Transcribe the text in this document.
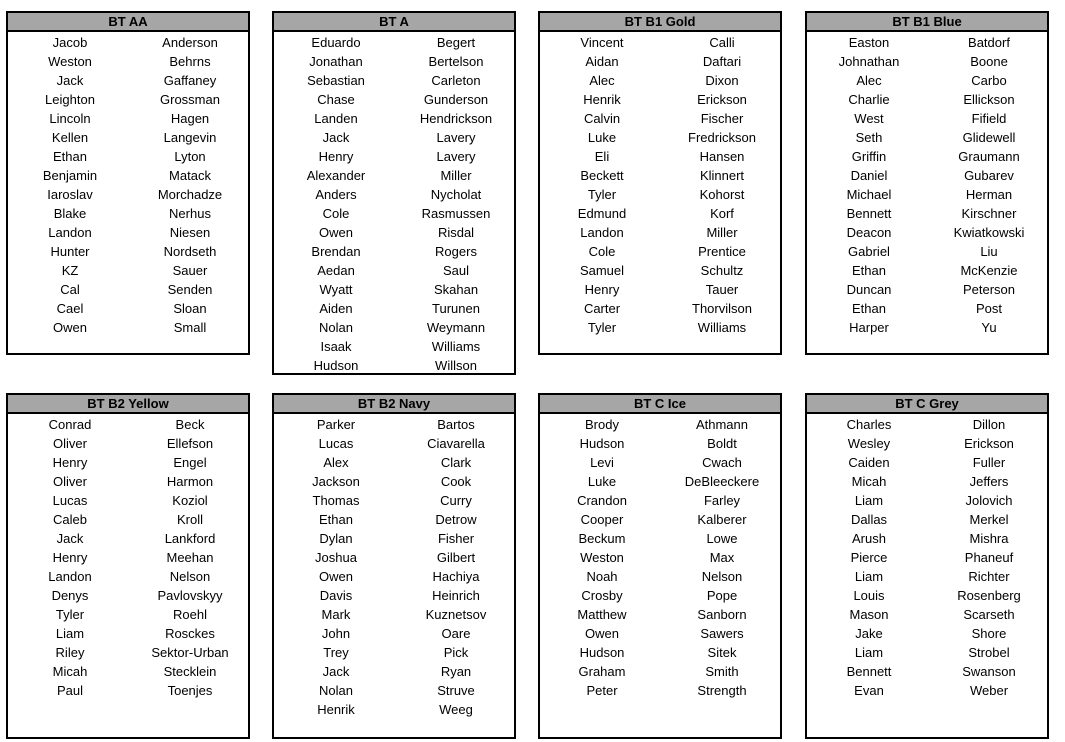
BT AA
Jacob	Anderson
Weston	Behrns
Jack	Gaffaney
Leighton	Grossman
Lincoln	Hagen
Kellen	Langevin
Ethan	Lyton
Benjamin	Matack
Iaroslav	Morchadze
Blake	Nerhus
Landon	Niesen
Hunter	Nordseth
KZ	Sauer
Cal	Senden
Cael	Sloan
Owen	Small
BT A
Eduardo	Begert
Jonathan	Bertelson
Sebastian	Carleton
Chase	Gunderson
Landen	Hendrickson
Jack	Lavery
Henry	Lavery
Alexander	Miller
Anders	Nycholat
Cole	Rasmussen
Owen	Risdal
Brendan	Rogers
Aedan	Saul
Wyatt	Skahan
Aiden	Turunen
Nolan	Weymann
Isaak	Williams
Hudson	Willson
BT B1 Gold
Vincent	Calli
Aidan	Daftari
Alec	Dixon
Henrik	Erickson
Calvin	Fischer
Luke	Fredrickson
Eli	Hansen
Beckett	Klinnert
Tyler	Kohorst
Edmund	Korf
Landon	Miller
Cole	Prentice
Samuel	Schultz
Henry	Tauer
Carter	Thorvilson
Tyler	Williams
BT B1 Blue
Easton	Batdorf
Johnathan	Boone
Alec	Carbo
Charlie	Ellickson
West	Fifield
Seth	Glidewell
Griffin	Graumann
Daniel	Gubarev
Michael	Herman
Bennett	Kirschner
Deacon	Kwiatkowski
Gabriel	Liu
Ethan	McKenzie
Duncan	Peterson
Ethan	Post
Harper	Yu
BT B2 Yellow
Conrad	Beck
Oliver	Ellefson
Henry	Engel
Oliver	Harmon
Lucas	Koziol
Caleb	Kroll
Jack	Lankford
Henry	Meehan
Landon	Nelson
Denys	Pavlovskyy
Tyler	Roehl
Liam	Rosckes
Riley	Sektor-Urban
Micah	Stecklein
Paul	Toenjes
BT B2 Navy
Parker	Bartos
Lucas	Ciavarella
Alex	Clark
Jackson	Cook
Thomas	Curry
Ethan	Detrow
Dylan	Fisher
Joshua	Gilbert
Owen	Hachiya
Davis	Heinrich
Mark	Kuznetsov
John	Oare
Trey	Pick
Jack	Ryan
Nolan	Struve
Henrik	Weeg
BT C Ice
Brody	Athmann
Hudson	Boldt
Levi	Cwach
Luke	DeBleeckere
Crandon	Farley
Cooper	Kalberer
Beckum	Lowe
Weston	Max
Noah	Nelson
Crosby	Pope
Matthew	Sanborn
Owen	Sawers
Hudson	Sitek
Graham	Smith
Peter	Strength
BT C Grey
Charles	Dillon
Wesley	Erickson
Caiden	Fuller
Micah	Jeffers
Liam	Jolovich
Dallas	Merkel
Arush	Mishra
Pierce	Phaneuf
Liam	Richter
Louis	Rosenberg
Mason	Scarseth
Jake	Shore
Liam	Strobel
Bennett	Swanson
Evan	Weber
